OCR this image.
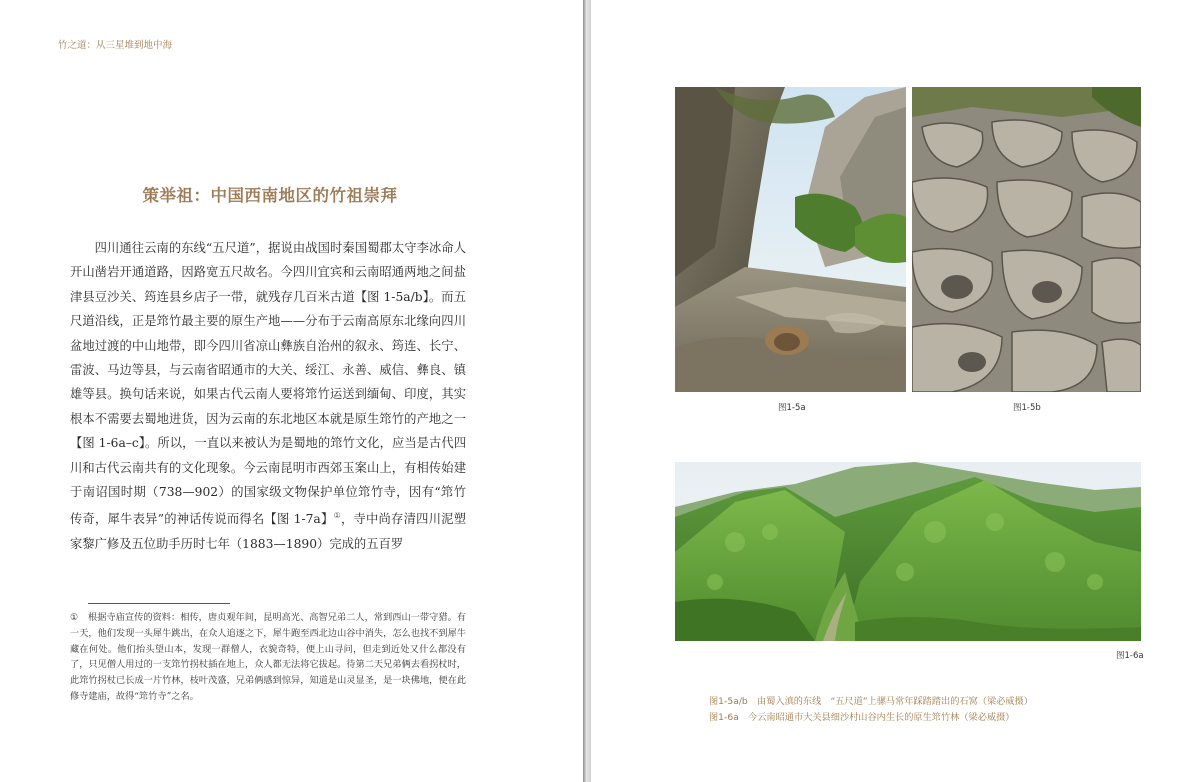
竹之道：从三星堆到地中海
策举祖：中国西南地区的竹祖崇拜

四川通往云南的东线“五尺道”，据说由战国时秦国蜀郡太守李冰命人开山凿岩开通道路，因路宽五尺故名。今四川宜宾和云南昭通两地之间盐津县豆沙关、筠连县乡店子一带，就残存几百米古道【图 1-5a/b】。而五尺道沿线，正是筇竹最主要的原生产地——分布于云南高原东北缘向四川盆地过渡的中山地带，即今四川省凉山彝族自治州的叙永、筠连、长宁、雷波、马边等县，与云南省昭通市的大关、绥江、永善、威信、彝良、镇雄等县。换句话来说，如果古代云南人要将筇竹运送到缅甸、印度，其实根本不需要去蜀地进货，因为云南的东北地区本就是原生筇竹的产地之一【图 1-6a–c】。所以，一直以来被认为是蜀地的筇竹文化，应当是古代四川和古代云南共有的文化现象。今云南昆明市西郊玉案山上，有相传始建于南诏国时期（738—902）的国家级文物保护单位筇竹寺，因有“筇竹传奇，犀牛表异”的神话传说而得名【图 1-7a】①，寺中尚存清四川泥塑家黎广修及五位助手历时七年（1883—1890）完成的五百罗

① 根据寺庙宣传的资料：相传，唐贞观年间，昆明高光、高智兄弟二人，常到西山一带守猎。有一天，他们发现一头犀牛跳出，在众人追逐之下，犀牛跑至西北边山谷中消失，怎么也找不到犀牛藏在何处。他们抬头望山本，发现一群僧人，衣貌奇特，便上山寻问，但走到近处又什么都没有了，只见僧人用过的一支筇竹拐杖插在地上，众人都无法将它拔起。待第二天兄弟俩去看拐杖时，此筇竹拐杖已长成一片竹林，枝叶茂盛，兄弟俩感到惊异，知道是山灵显圣，是一块佛地，便在此修寺建庙，故得“筇竹寺”之名。
图1-5a	图1-5b
图1-6a
图1-5a/b　由蜀入滇的东线　“五尺道”上骡马常年踩踏踏出的石窝（梁必威摄）
图1-6a　今云南昭通市大关县细沙村山谷内生长的原生筇竹林（梁必威摄）
